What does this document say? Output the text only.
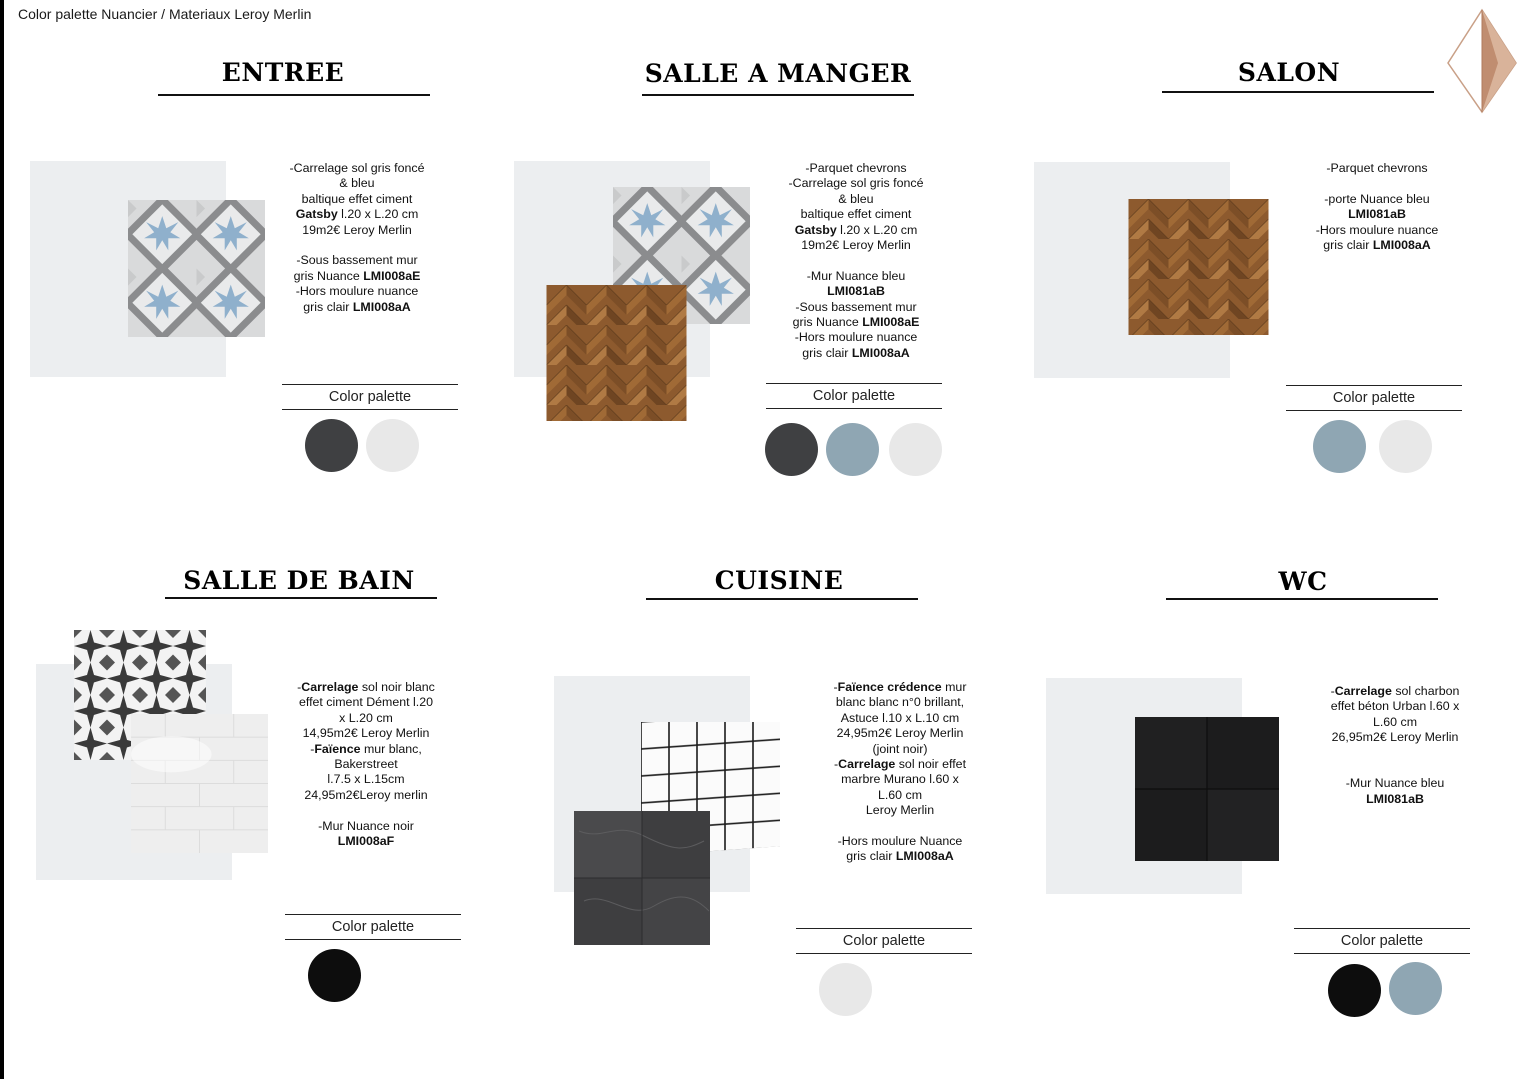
Color palette Nuancier / Materiaux Leroy Merlin
ENTREE
-Carrelage sol gris foncé
& bleu
baltique effet ciment
Gatsby l.20 x L.20 cm
19m2€ Leroy Merlin
-Sous bassement mur
gris Nuance LMI008aE
-Hors moulure nuance
gris clair LMI008aA
Color palette
SALLE A MANGER
-Parquet chevrons
-Carrelage sol gris foncé
& bleu
baltique effet ciment
Gatsby l.20 x L.20 cm
19m2€ Leroy Merlin
-Mur Nuance bleu
LMI081aB
-Sous bassement mur
gris Nuance LMI008aE
-Hors moulure nuance
gris clair LMI008aA
Color palette
SALON
-Parquet chevrons
-porte Nuance bleu
LMI081aB
-Hors moulure nuance
gris clair LMI008aA
Color palette
SALLE DE BAIN
-Carrelage sol noir blanc
effet ciment Dément l.20
x L.20 cm
14,95m2€ Leroy Merlin
-Faïence mur blanc,
Bakerstreet
l.7.5 x L.15cm
24,95m2€Leroy merlin
-Mur Nuance noir
LMI008aF
Color palette
CUISINE
-Faïence crédence mur
blanc blanc n°0 brillant,
Astuce l.10 x L.10 cm
24,95m2€ Leroy Merlin
(joint noir)
-Carrelage sol noir effet
marbre Murano l.60 x
L.60 cm
Leroy Merlin
-Hors moulure Nuance
gris clair LMI008aA
Color palette
WC
-Carrelage sol charbon
effet béton Urban l.60 x
L.60 cm
26,95m2€ Leroy Merlin
-Mur Nuance bleu
LMI081aB
Color palette
